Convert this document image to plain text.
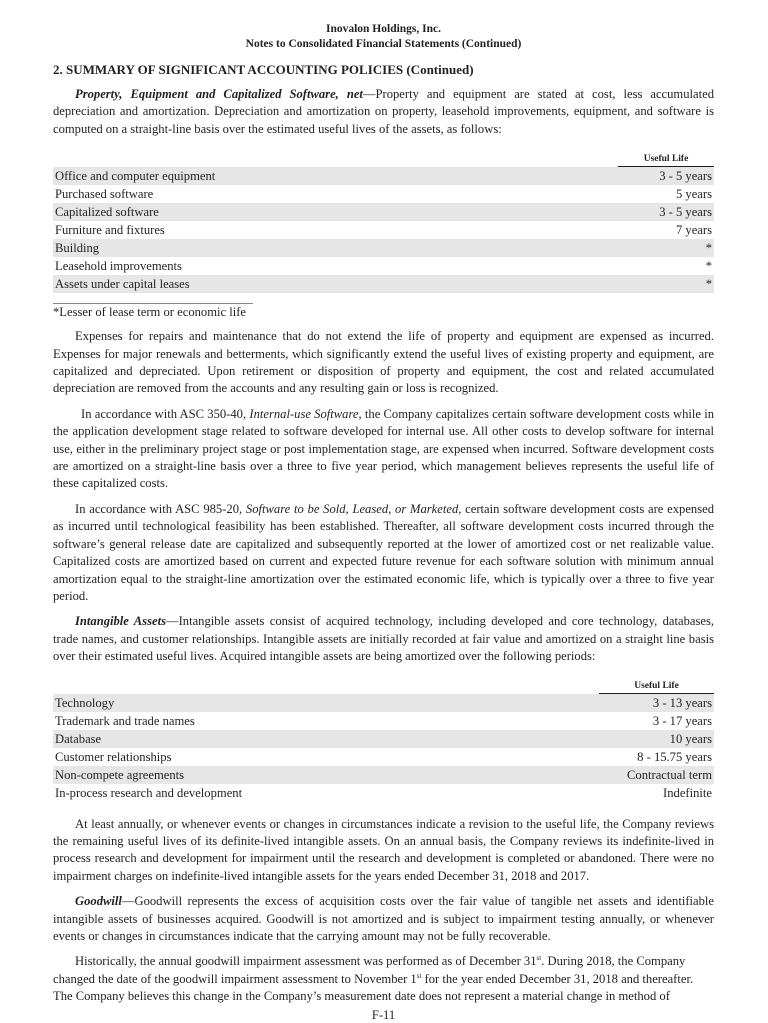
Inovalon Holdings, Inc.
Notes to Consolidated Financial Statements (Continued)
2. SUMMARY OF SIGNIFICANT ACCOUNTING POLICIES (Continued)

Property, Equipment and Capitalized Software, net—Property and equipment are stated at cost, less accumulated depreciation and amortization. Depreciation and amortization on property, leasehold improvements, equipment, and software is computed on a straight-line basis over the estimated useful lives of the assets, as follows:

Useful Life

Office and computer equipment	3 - 5 years
Purchased software	5 years
Capitalized software	3 - 5 years
Furniture and fixtures	7 years
Building	*
Leasehold improvements	*
Assets under capital leases	*
*Lesser of lease term or economic life

Expenses for repairs and maintenance that do not extend the life of property and equipment are expensed as incurred. Expenses for major renewals and betterments, which significantly extend the useful lives of existing property and equipment, are capitalized and depreciated. Upon retirement or disposition of property and equipment, the cost and related accumulated depreciation are removed from the accounts and any resulting gain or loss is recognized.

In accordance with ASC 350-40, Internal-use Software, the Company capitalizes certain software development costs while in the application development stage related to software developed for internal use. All other costs to develop software for internal use, either in the preliminary project stage or post implementation stage, are expensed when incurred. Software development costs are amortized on a straight-line basis over a three to five year period, which management believes represents the useful life of these capitalized costs.

In accordance with ASC 985-20, Software to be Sold, Leased, or Marketed, certain software development costs are expensed as incurred until technological feasibility has been established. Thereafter, all software development costs incurred through the software’s general release date are capitalized and subsequently reported at the lower of amortized cost or net realizable value. Capitalized costs are amortized based on current and expected future revenue for each software solution with minimum annual amortization equal to the straight-line amortization over the estimated economic life, which is typically over a three to five year period.

Intangible Assets—Intangible assets consist of acquired technology, including developed and core technology, databases, trade names, and customer relationships. Intangible assets are initially recorded at fair value and amortized on a straight line basis over their estimated useful lives. Acquired intangible assets are being amortized over the following periods:

Useful Life

Technology	3 - 13 years
Trademark and trade names	3 - 17 years
Database	10 years
Customer relationships	8 - 15.75 years
Non-compete agreements	Contractual term
In-process research and development	Indefinite

At least annually, or whenever events or changes in circumstances indicate a revision to the useful life, the Company reviews the remaining useful lives of its definite-lived intangible assets. On an annual basis, the Company reviews its indefinite-lived in process research and development for impairment until the research and development is completed or abandoned. There were no impairment charges on indefinite-lived intangible assets for the years ended December 31, 2018 and 2017.

Goodwill—Goodwill represents the excess of acquisition costs over the fair value of tangible net assets and identifiable intangible assets of businesses acquired. Goodwill is not amortized and is subject to impairment testing annually, or whenever events or changes in circumstances indicate that the carrying amount may not be fully recoverable.

Historically, the annual goodwill impairment assessment was performed as of December 31st. During 2018, the Company changed the date of the goodwill impairment assessment to November 1st for the year ended December 31, 2018 and thereafter. The Company believes this change in the Company’s measurement date does not represent a material change in method of

F-11
